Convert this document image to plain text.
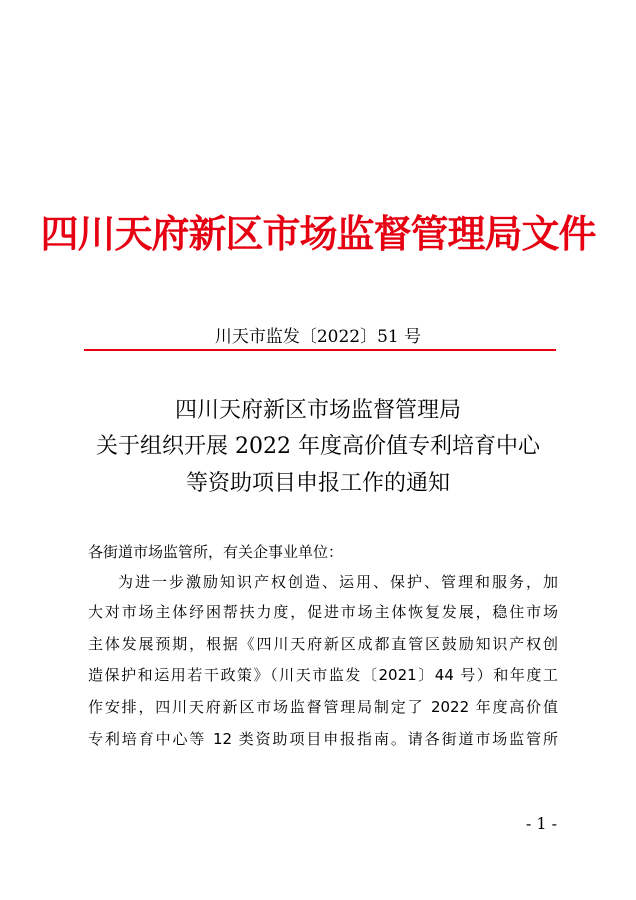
四川天府新区市场监督管理局文件
川天市监发〔2022〕51 号
四川天府新区市场监督管理局
关于组织开展 2022 年度高价值专利培育中心
等资助项目申报工作的通知
各街道市场监管所，有关企事业单位：
为进一步激励知识产权创造、运用、保护、管理和服务，加
大对市场主体纾困帮扶力度，促进市场主体恢复发展，稳住市场
主体发展预期，根据《四川天府新区成都直管区鼓励知识产权创
造保护和运用若干政策》（川天市监发〔2021〕44 号）和年度工
作安排，四川天府新区市场监督管理局制定了 2022 年度高价值
专利培育中心等 12 类资助项目申报指南。请各街道市场监管所
- 1 -
